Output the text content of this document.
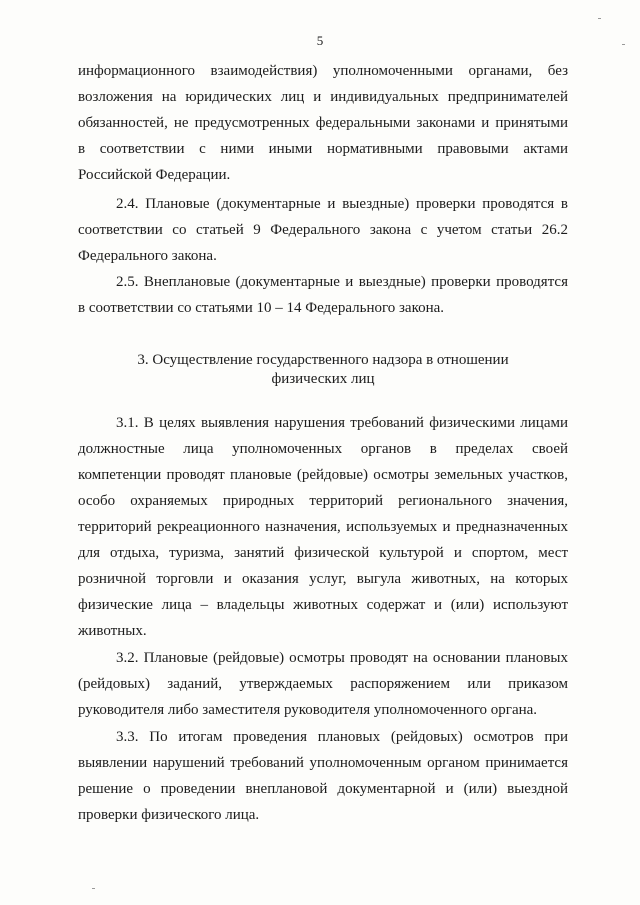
5

информационного взаимодействия) уполномоченными органами, без

возложения на юридических лиц и индивидуальных предпринимателей

обязанностей, не предусмотренных федеральными законами и принятыми

в соответствии с ними иными нормативными правовыми актами

Российской Федерации.

2.4. Плановые (документарные и выездные) проверки проводятся в

соответствии со статьей 9 Федерального закона с учетом статьи 26.2

Федерального закона.

2.5. Внеплановые (документарные и выездные) проверки проводятся

в соответствии со статьями 10 – 14 Федерального закона.

3. Осуществление государственного надзора в отношении
физических лиц

3.1. В целях выявления нарушения требований физическими лицами

должностные лица уполномоченных органов в пределах своей

компетенции проводят плановые (рейдовые) осмотры земельных участков,

особо охраняемых природных территорий регионального значения,

территорий рекреационного назначения, используемых и предназначенных

для отдыха, туризма, занятий физической культурой и спортом, мест

розничной торговли и оказания услуг, выгула животных, на которых

физические лица – владельцы животных содержат и (или) используют

животных.

3.2. Плановые (рейдовые) осмотры проводят на основании плановых

(рейдовых) заданий, утверждаемых распоряжением или приказом

руководителя либо заместителя руководителя уполномоченного органа.

3.3. По итогам проведения плановых (рейдовых) осмотров при

выявлении нарушений требований уполномоченным органом принимается

решение о проведении внеплановой документарной и (или) выездной

проверки физического лица.
